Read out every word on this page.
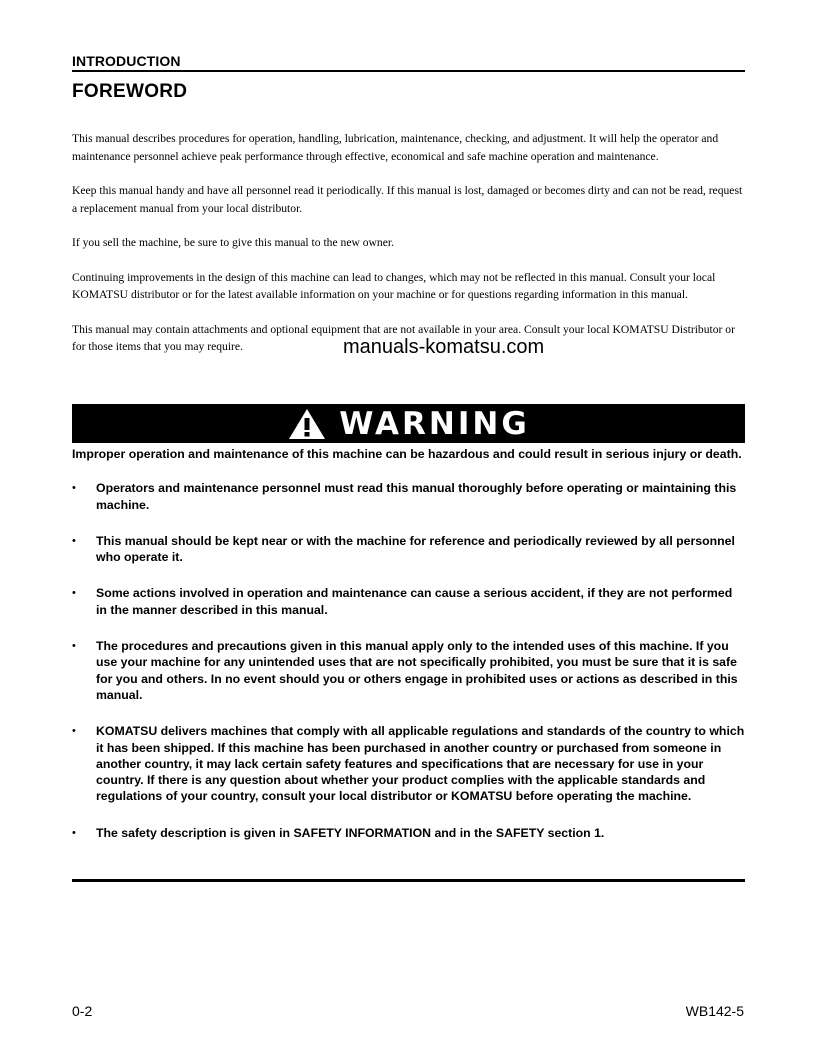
INTRODUCTION
FOREWORD

This manual describes procedures for operation, handling, lubrication, maintenance, checking, and adjustment. It will help the operator and maintenance personnel achieve peak performance through effective, economical and safe machine operation and maintenance.

Keep this manual handy and have all personnel read it periodically. If this manual is lost, damaged or becomes dirty and can not be read, request a replacement manual from your local distributor.

If you sell the machine, be sure to give this manual to the new owner.

Continuing improvements in the design of this machine can lead to changes, which may not be reflected in this manual. Consult your local KOMATSU distributor or for the latest available information on your machine or for questions regarding information in this manual.

This manual may contain attachments and optional equipment that are not available in your area. Consult your local KOMATSU Distributor or for those items that you may require.	manuals-komatsu.com
WARNING
Improper operation and maintenance of this machine can be hazardous and could result in serious injury or death.
• Operators and maintenance personnel must read this manual thoroughly before operating or maintaining this machine.
• This manual should be kept near or with the machine for reference and periodically reviewed by all personnel who operate it.
• Some actions involved in operation and maintenance can cause a serious accident, if they are not performed in the manner described in this manual.
• The procedures and precautions given in this manual apply only to the intended uses of this machine. If you use your machine for any unintended uses that are not specifically prohibited, you must be sure that it is safe for you and others. In no event should you or others engage in prohibited uses or actions as described in this manual.
• KOMATSU delivers machines that comply with all applicable regulations and standards of the country to which it has been shipped. If this machine has been purchased in another country or purchased from someone in another country, it may lack certain safety features and specifications that are necessary for use in your country. If there is any question about whether your product complies with the applicable standards and regulations of your country, consult your local distributor or KOMATSU before operating the machine.
• The safety description is given in SAFETY INFORMATION and in the SAFETY section 1.
0-2	WB142-5
